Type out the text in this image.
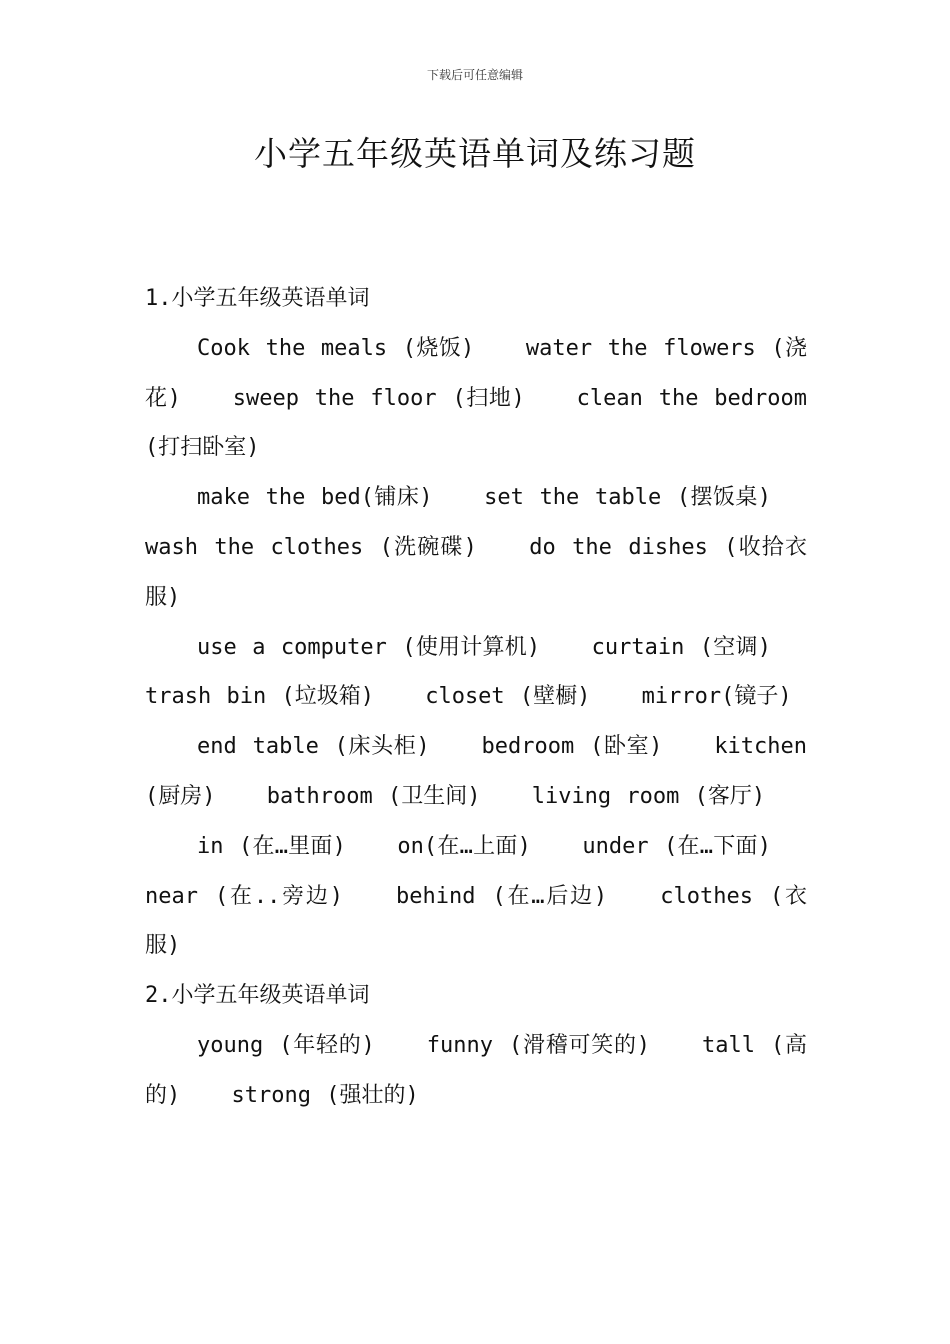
下载后可任意编辑
小学五年级英语单词及练习题

1.小学五年级英语单词

Cook the meals (烧饭) water the flowers (浇花) sweep the floor (扫地) clean the bedroom (打扫卧室)

make the bed(铺床) set the table (摆饭桌) wash the clothes (洗碗碟) do the dishes (收拾衣服)

use a computer (使用计算机) curtain (空调) trash bin (垃圾箱) closet (壁橱) mirror(镜子)

end table (床头柜) bedroom (卧室) kitchen (厨房) bathroom (卫生间) living room (客厅)

in (在…里面) on(在…上面) under (在…下面) near (在..旁边) behind (在…后边) clothes (衣服)

2.小学五年级英语单词

young (年轻的) funny (滑稽可笑的) tall (高的) strong (强壮的)
